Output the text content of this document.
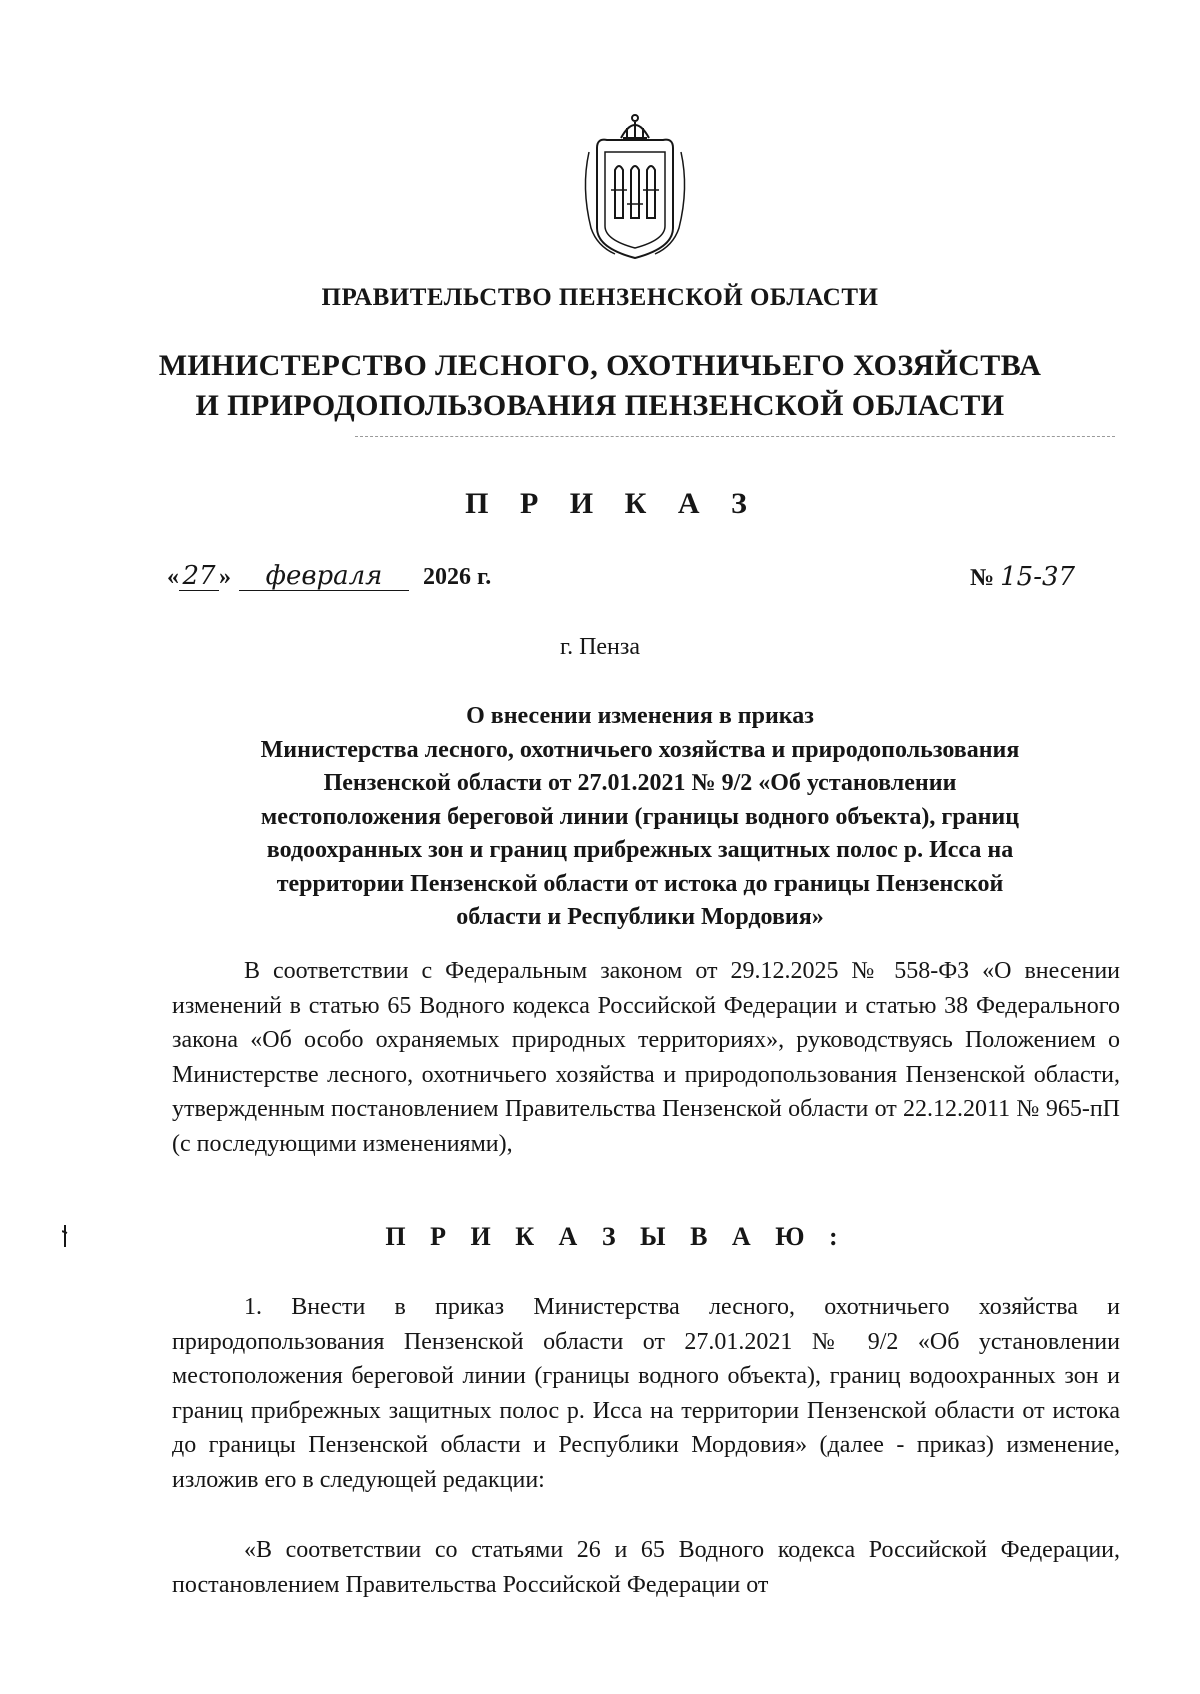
ПРАВИТЕЛЬСТВО ПЕНЗЕНСКОЙ ОБЛАСТИ
МИНИСТЕРСТВО ЛЕСНОГО, ОХОТНИЧЬЕГО ХОЗЯЙСТВА
И ПРИРОДОПОЛЬЗОВАНИЯ ПЕНЗЕНСКОЙ ОБЛАСТИ
П Р И К А З
« 27 » февраля 2026 г.	№ 15-37
г. Пенза
О внесении изменения в приказ
Министерства лесного, охотничьего хозяйства и природопользования
Пензенской области от 27.01.2021 № 9/2 «Об установлении
местоположения береговой линии (границы водного объекта), границ
водоохранных зон и границ прибрежных защитных полос р. Исса на
территории Пензенской области от истока до границы Пензенской
области и Республики Мордовия»

В соответствии с Федеральным законом от 29.12.2025 № 558-ФЗ «О внесении изменений в статью 65 Водного кодекса Российской Федерации и статью 38 Федерального закона «Об особо охраняемых природных территориях», руководствуясь Положением о Министерстве лесного, охотничьего хозяйства и природопользования Пензенской области, утвержденным постановлением Правительства Пензенской области от 22.12.2011 № 965-пП (с последующими изменениями),

П Р И К А З Ы В А Ю :

1. Внести в приказ Министерства лесного, охотничьего хозяйства и природопользования Пензенской области от 27.01.2021 № 9/2 «Об установлении местоположения береговой линии (границы водного объекта), границ водоохранных зон и границ прибрежных защитных полос р. Исса на территории Пензенской области от истока до границы Пензенской области и Республики Мордовия» (далее - приказ) изменение, изложив его в следующей редакции:

«В соответствии со статьями 26 и 65 Водного кодекса Российской Федерации, постановлением Правительства Российской Федерации от
